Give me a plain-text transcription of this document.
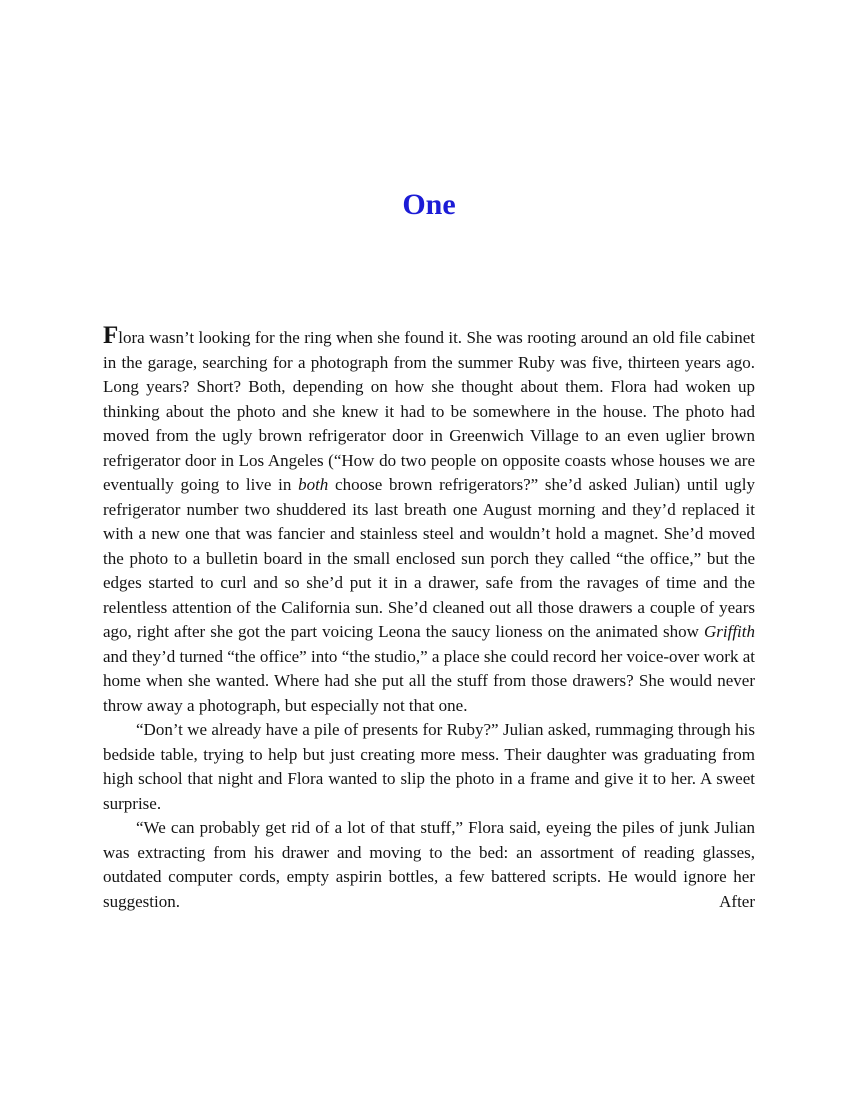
One

Flora wasn’t looking for the ring when she found it. She was rooting around an old file cabinet in the garage, searching for a photograph from the summer Ruby was five, thirteen years ago. Long years? Short? Both, depending on how she thought about them. Flora had woken up thinking about the photo and she knew it had to be somewhere in the house. The photo had moved from the ugly brown refrigerator door in Greenwich Village to an even uglier brown refrigerator door in Los Angeles (“How do two people on opposite coasts whose houses we are eventually going to live in both choose brown refrigerators?” she’d asked Julian) until ugly refrigerator number two shuddered its last breath one August morning and they’d replaced it with a new one that was fancier and stainless steel and wouldn’t hold a magnet. She’d moved the photo to a bulletin board in the small enclosed sun porch they called “the office,” but the edges started to curl and so she’d put it in a drawer, safe from the ravages of time and the relentless attention of the California sun. She’d cleaned out all those drawers a couple of years ago, right after she got the part voicing Leona the saucy lioness on the animated show Griffith and they’d turned “the office” into “the studio,” a place she could record her voice-over work at home when she wanted. Where had she put all the stuff from those drawers? She would never throw away a photograph, but especially not that one.

“Don’t we already have a pile of presents for Ruby?” Julian asked, rummaging through his bedside table, trying to help but just creating more mess. Their daughter was graduating from high school that night and Flora wanted to slip the photo in a frame and give it to her. A sweet surprise.

“We can probably get rid of a lot of that stuff,” Flora said, eyeing the piles of junk Julian was extracting from his drawer and moving to the bed: an assortment of reading glasses, outdated computer cords, empty aspirin bottles, a few battered scripts. He would ignore her suggestion. After
